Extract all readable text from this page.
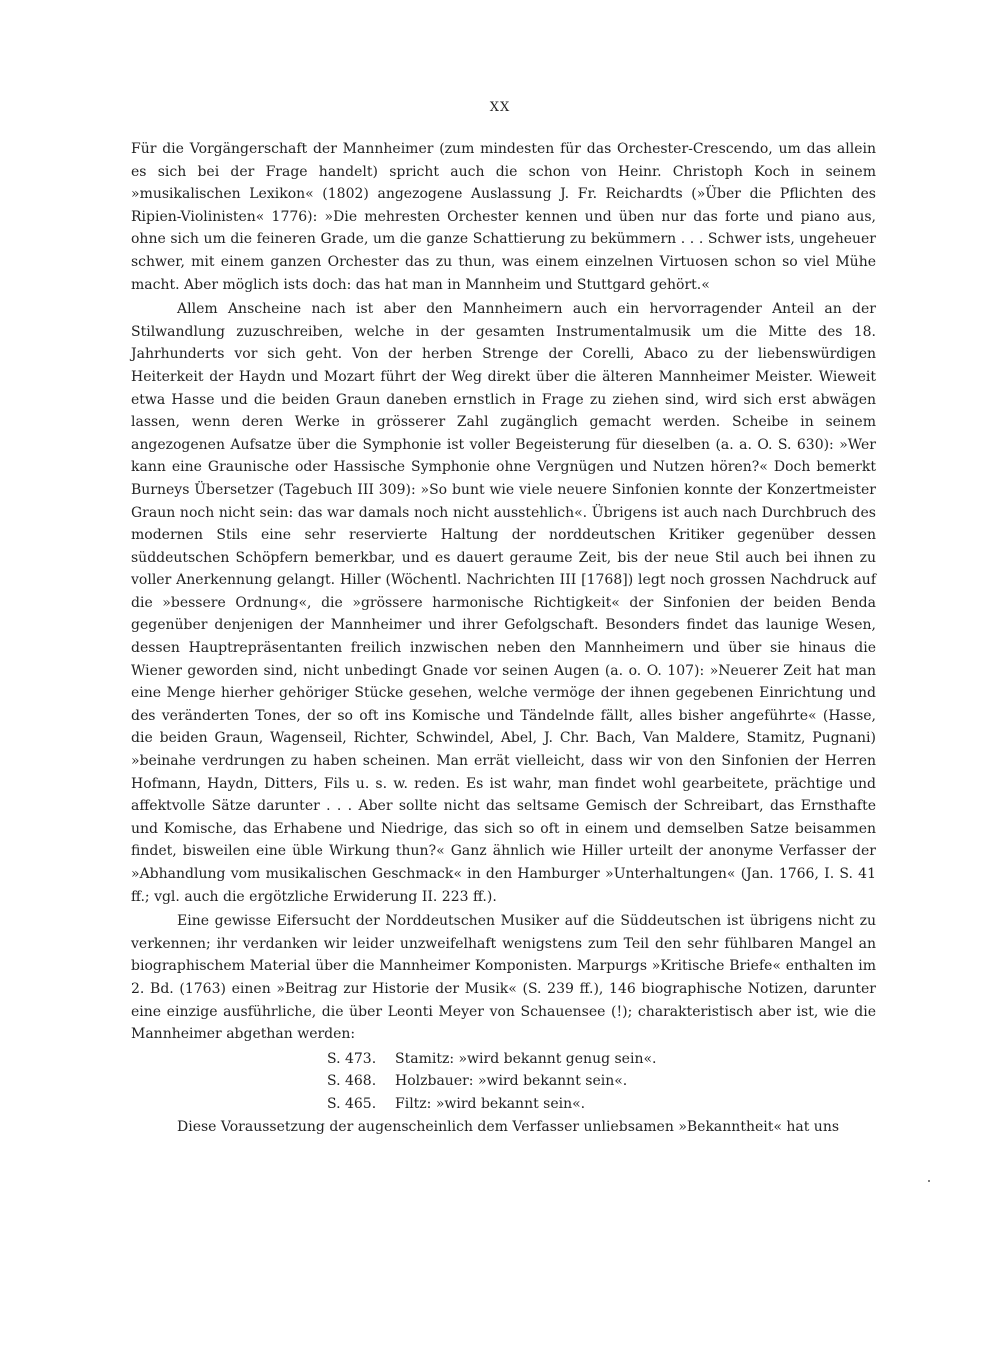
XX

Für die Vorgängerschaft der Mannheimer (zum mindesten für das Orchester-Crescendo, um das allein es sich bei der Frage handelt) spricht auch die schon von Heinr. Christoph Koch in seinem »musikalischen Lexikon« (1802) angezogene Auslassung J. Fr. Reichardts (»Über die Pflichten des Ripien-Violinisten« 1776): »Die mehresten Orchester kennen und üben nur das forte und piano aus, ohne sich um die feineren Grade, um die ganze Schattierung zu bekümmern . . . Schwer ists, ungeheuer schwer, mit einem ganzen Orchester das zu thun, was einem einzelnen Virtuosen schon so viel Mühe macht. Aber möglich ists doch: das hat man in Mannheim und Stuttgard gehört.«

Allem Anscheine nach ist aber den Mannheimern auch ein hervorragender Anteil an der Stilwandlung zuzuschreiben, welche in der gesamten Instrumentalmusik um die Mitte des 18. Jahrhunderts vor sich geht. Von der herben Strenge der Corelli, Abaco zu der liebenswürdigen Heiterkeit der Haydn und Mozart führt der Weg direkt über die älteren Mannheimer Meister. Wieweit etwa Hasse und die beiden Graun daneben ernstlich in Frage zu ziehen sind, wird sich erst abwägen lassen, wenn deren Werke in grösserer Zahl zugänglich gemacht werden. Scheibe in seinem angezogenen Aufsatze über die Symphonie ist voller Begeisterung für dieselben (a. a. O. S. 630): »Wer kann eine Graunische oder Hassische Symphonie ohne Vergnügen und Nutzen hören?« Doch bemerkt Burneys Übersetzer (Tagebuch III 309): »So bunt wie viele neuere Sinfonien konnte der Konzertmeister Graun noch nicht sein: das war damals noch nicht ausstehlich«. Übrigens ist auch nach Durchbruch des modernen Stils eine sehr reservierte Haltung der norddeutschen Kritiker gegenüber dessen süddeutschen Schöpfern bemerkbar, und es dauert geraume Zeit, bis der neue Stil auch bei ihnen zu voller Anerkennung gelangt. Hiller (Wöchentl. Nachrichten III [1768]) legt noch grossen Nachdruck auf die »bessere Ordnung«, die »grössere harmonische Richtigkeit« der Sinfonien der beiden Benda gegenüber denjenigen der Mannheimer und ihrer Gefolgschaft. Besonders findet das launige Wesen, dessen Hauptrepräsentanten freilich inzwischen neben den Mannheimern und über sie hinaus die Wiener geworden sind, nicht unbedingt Gnade vor seinen Augen (a. o. O. 107): »Neuerer Zeit hat man eine Menge hierher gehöriger Stücke gesehen, welche vermöge der ihnen gegebenen Einrichtung und des veränderten Tones, der so oft ins Komische und Tändelnde fällt, alles bisher angeführte« (Hasse, die beiden Graun, Wagenseil, Richter, Schwindel, Abel, J. Chr. Bach, Van Maldere, Stamitz, Pugnani) »beinahe verdrungen zu haben scheinen. Man errät vielleicht, dass wir von den Sinfonien der Herren Hofmann, Haydn, Ditters, Fils u. s. w. reden. Es ist wahr, man findet wohl gearbeitete, prächtige und affektvolle Sätze darunter . . . Aber sollte nicht das seltsame Gemisch der Schreibart, das Ernsthafte und Komische, das Erhabene und Niedrige, das sich so oft in einem und demselben Satze beisammen findet, bisweilen eine üble Wirkung thun?« Ganz ähnlich wie Hiller urteilt der anonyme Verfasser der »Abhandlung vom musikalischen Geschmack« in den Hamburger »Unterhaltungen« (Jan. 1766, I. S. 41 ff.; vgl. auch die ergötzliche Erwiderung II. 223 ff.).

Eine gewisse Eifersucht der Norddeutschen Musiker auf die Süddeutschen ist übrigens nicht zu verkennen; ihr verdanken wir leider unzweifelhaft wenigstens zum Teil den sehr fühlbaren Mangel an biographischem Material über die Mannheimer Komponisten. Marpurgs »Kritische Briefe« enthalten im 2. Bd. (1763) einen »Beitrag zur Historie der Musik« (S. 239 ff.), 146 biographische Notizen, darunter eine einzige ausführliche, die über Leonti Meyer von Schauensee (!); charakteristisch aber ist, wie die Mannheimer abgethan werden:

S. 473. Stamitz: »wird bekannt genug sein«.
S. 468. Holzbauer: »wird bekannt sein«.
S. 465. Filtz: »wird bekannt sein«.

Diese Voraussetzung der augenscheinlich dem Verfasser unliebsamen »Bekanntheit« hat uns
